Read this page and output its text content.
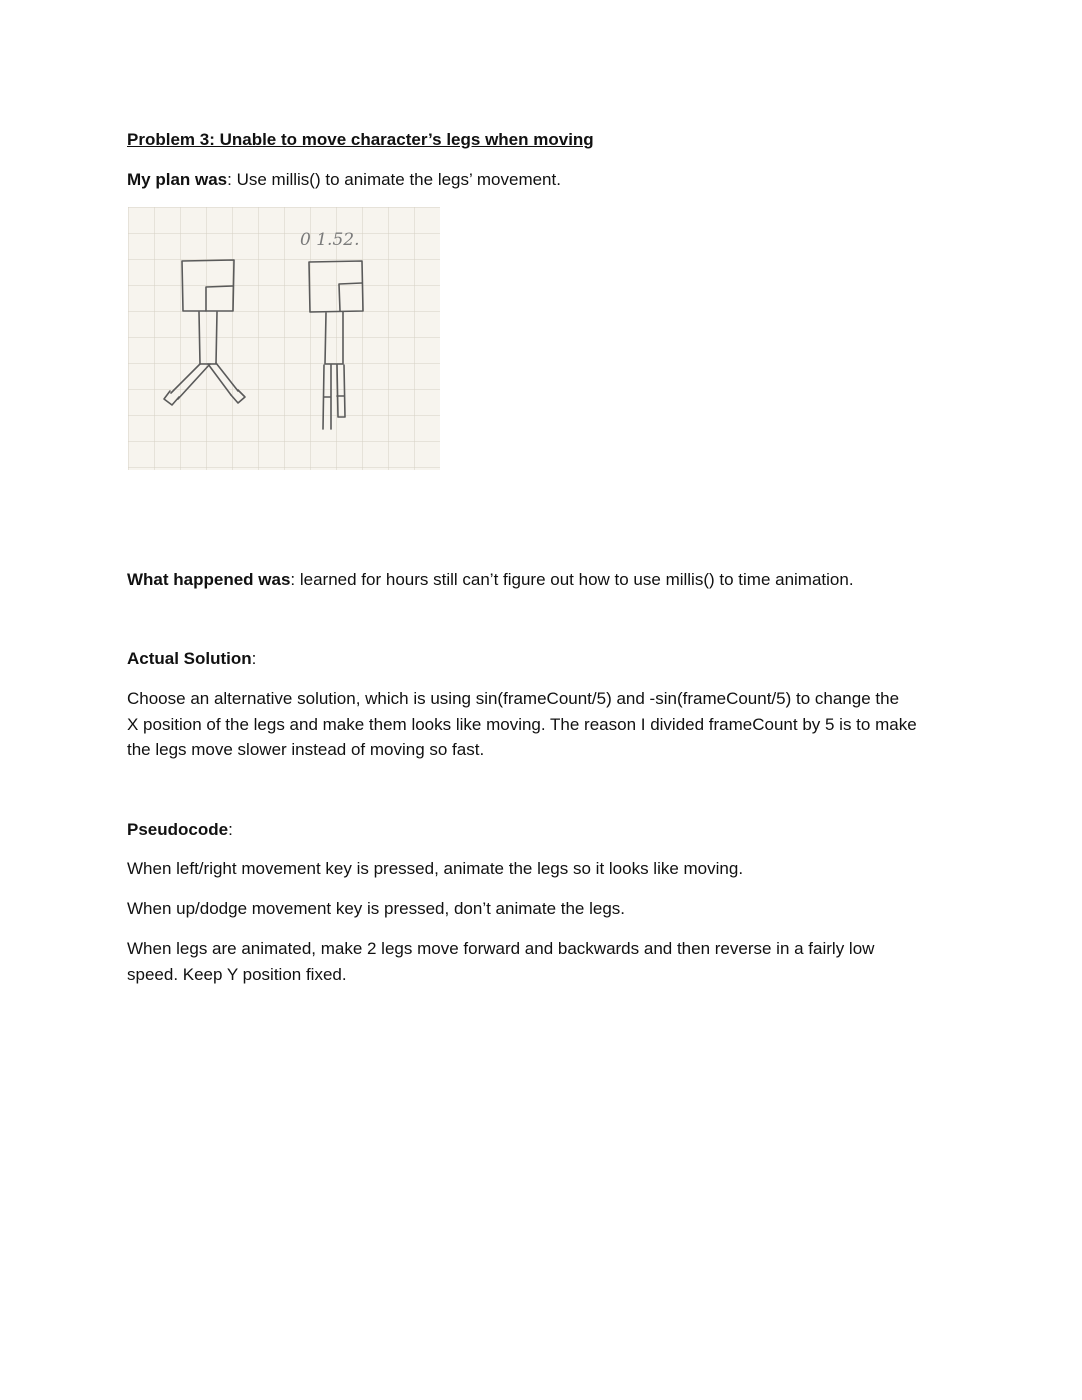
Problem 3: Unable to move character’s legs when moving
My plan was: Use millis() to animate the legs’ movement.
0 1.52.
What happened was: learned for hours still can’t figure out how to use millis() to time animation.
Actual Solution:
Choose an alternative solution, which is using sin(frameCount/5) and -sin(frameCount/5) to change the
X position of the legs and make them looks like moving. The reason I divided frameCount by 5 is to make
the legs move slower instead of moving so fast.
Pseudocode:
When left/right movement key is pressed, animate the legs so it looks like moving.
When up/dodge movement key is pressed, don’t animate the legs.
When legs are animated, make 2 legs move forward and backwards and then reverse in a fairly low
speed. Keep Y position fixed.
